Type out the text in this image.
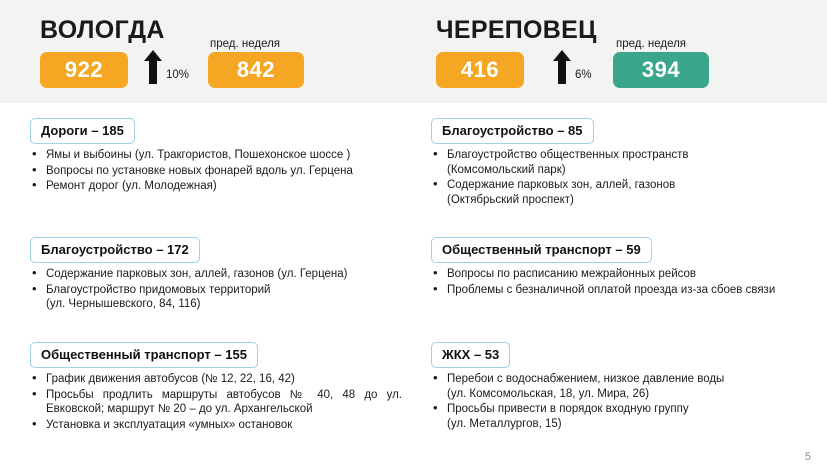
ВОЛОГДА
922	10%
пред. неделя
842
Дороги – 185
• Ямы и выбоины (ул. Тракгористов, Пошехонское шоссе )
• Вопросы по установке новых фонарей вдоль ул. Герцена
• Ремонт дорог (ул. Молодежная)
Благоустройство – 172
• Содержание парковых зон, аллей, газонов (ул. Герцена)
• Благоустройство придомовых территорий
(ул. Чернышевского, 84, 116)
Общественный транспорт – 155
• График движения автобусов (№ 12, 22, 16, 42)
• Просьбы продлить маршруты автобусов № 40, 48 до ул. Евковской; маршрут № 20 – до ул. Архангельской
• Установка и эксплуатация «умных» остановок
ЧЕРЕПОВЕЦ
416	6%
пред. неделя
394
Благоустройство – 85
• Благоустройство общественных пространств
(Комсомольский парк)
• Содержание парковых зон, аллей, газонов
(Октябрьский проспект)
Общественный транспорт – 59
• Вопросы по расписанию межрайонных рейсов
• Проблемы с безналичной оплатой проезда из-за сбоев связи
ЖКХ – 53
• Перебои с водоснабжением, низкое давление воды
(ул. Комсомольская, 18, ул. Мира, 26)
• Просьбы привести в порядок входную группу
(ул. Металлургов, 15)
5
